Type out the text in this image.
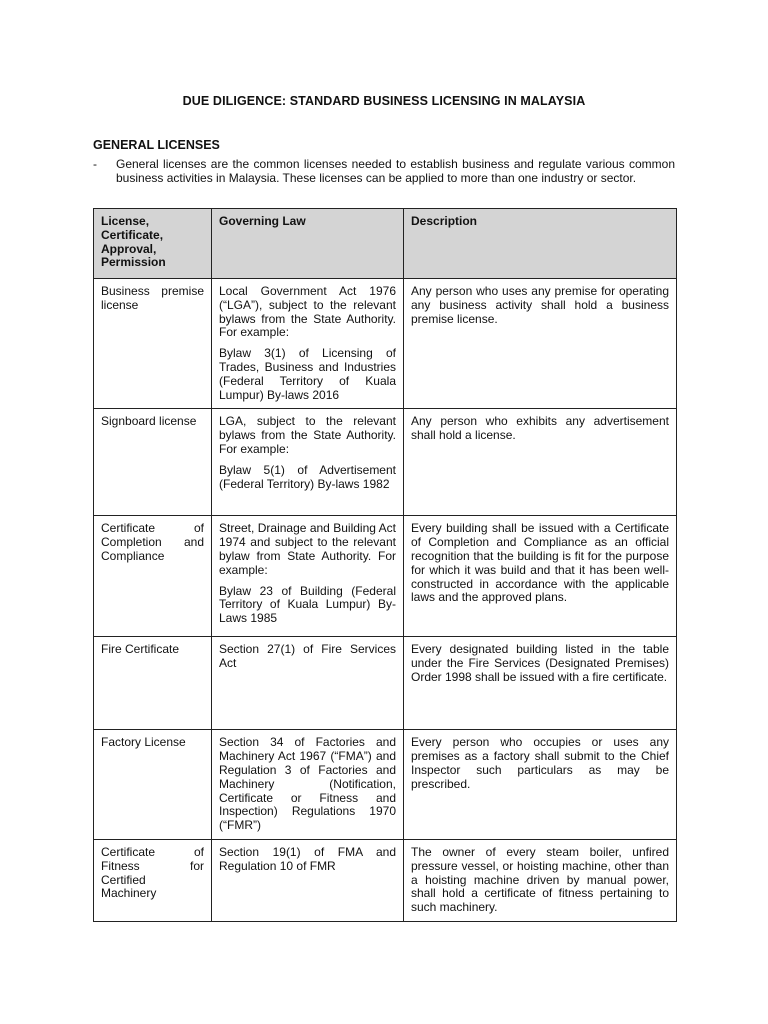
DUE DILIGENCE: STANDARD BUSINESS LICENSING IN MALAYSIA
GENERAL LICENSES
- General licenses are the common licenses needed to establish business and regulate various common business activities in Malaysia. These licenses can be applied to more than one industry or sector.
License, Certificate, Approval, Permission	Governing Law	Description
Business premise license	Local Government Act 1976 (“LGA”), subject to the relevant bylaws from the State Authority. For example:

Bylaw 3(1) of Licensing of Trades, Business and Industries (Federal Territory of Kuala Lumpur) By-laws 2016	Any person who uses any premise for operating any business activity shall hold a business premise license.
Signboard license	LGA, subject to the relevant bylaws from the State Authority. For example:

Bylaw 5(1) of Advertisement (Federal Territory) By-laws 1982	Any person who exhibits any advertisement shall hold a license.
Certificate of Completion and Compliance	Street, Drainage and Building Act 1974 and subject to the relevant bylaw from State Authority. For example:

Bylaw 23 of Building (Federal Territory of Kuala Lumpur) By-Laws 1985	Every building shall be issued with a Certificate of Completion and Compliance as an official recognition that the building is fit for the purpose for which it was build and that it has been well-constructed in accordance with the applicable laws and the approved plans.
Fire Certificate	Section 27(1) of Fire Services Act	Every designated building listed in the table under the Fire Services (Designated Premises) Order 1998 shall be issued with a fire certificate.
Factory License	Section 34 of Factories and Machinery Act 1967 (“FMA”) and Regulation 3 of Factories and Machinery (Notification, Certificate or Fitness and Inspection) Regulations 1970 (“FMR”)	Every person who occupies or uses any premises as a factory shall submit to the Chief Inspector such particulars as may be prescribed.
Certificate of Fitness for Certified Machinery	Section 19(1) of FMA and Regulation 10 of FMR	The owner of every steam boiler, unfired pressure vessel, or hoisting machine, other than a hoisting machine driven by manual power, shall hold a certificate of fitness pertaining to such machinery.
